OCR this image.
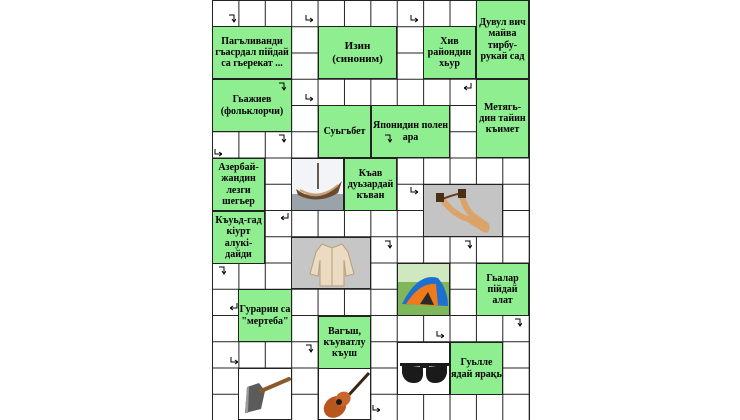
Пагъливанди гъасрдал пiйдай са гьерекат ...
Изин (синоним)
Хив райондин хьур
Дувул вич майва тирбу-рукай сад
Гьажиев (фольклорчи)
Суьгъбет
Японидин полен ара
Метягь-дин тайин къимет
Азербай-жандин лезги шегьер
Къав дуьзардай къван
Къуьд-гад кiурт алукi-дайди
Гьалар пiйдай алат
Гурарин са "мертеба"
Вагъш, къуватлу къуш
Гуьлле ядай ярақь
